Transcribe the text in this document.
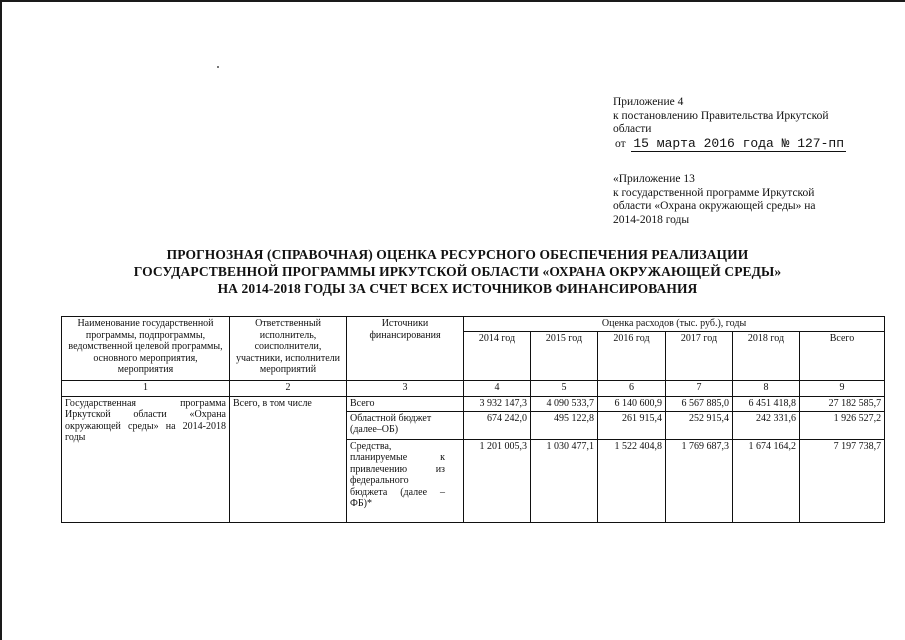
Приложение 4
к постановлению Правительства Иркутской
области
от 15 марта 2016 года № 127-пп
«Приложение 13
к государственной программе Иркутской
области «Охрана окружающей среды» на
2014-2018 годы
ПРОГНОЗНАЯ (СПРАВОЧНАЯ) ОЦЕНКА РЕСУРСНОГО ОБЕСПЕЧЕНИЯ РЕАЛИЗАЦИИ
ГОСУДАРСТВЕННОЙ ПРОГРАММЫ ИРКУТСКОЙ ОБЛАСТИ «ОХРАНА ОКРУЖАЮЩЕЙ СРЕДЫ»
НА 2014-2018 ГОДЫ ЗА СЧЕТ ВСЕХ ИСТОЧНИКОВ ФИНАНСИРОВАНИЯ
Наименование государственной программы, подпрограммы, ведомственной целевой программы, основного мероприятия, мероприятия	Ответственный исполнитель, соисполнители, участники, исполнители мероприятий	Источники финансирования	Оценка расходов (тыс. руб.), годы					
			2014 год	2015 год	2016 год	2017 год	2018 год	Всего
1	2	3	4	5	6	7	8	9
Государственная программа Иркутской области «Охрана окружающей среды» на 2014-2018 годы	Всего, в том числе	Всего	3 932 147,3	4 090 533,7	6 140 600,9	6 567 885,0	6 451 418,8	27 182 585,7
		Областной бюджет (далее–ОБ)	674 242,0	495 122,8	261 915,4	252 915,4	242 331,6	1 926 527,2
		Средства, планируемые к привлечению из федерального бюджета (далее – ФБ)*	1 201 005,3	1 030 477,1	1 522 404,8	1 769 687,3	1 674 164,2	7 197 738,7
